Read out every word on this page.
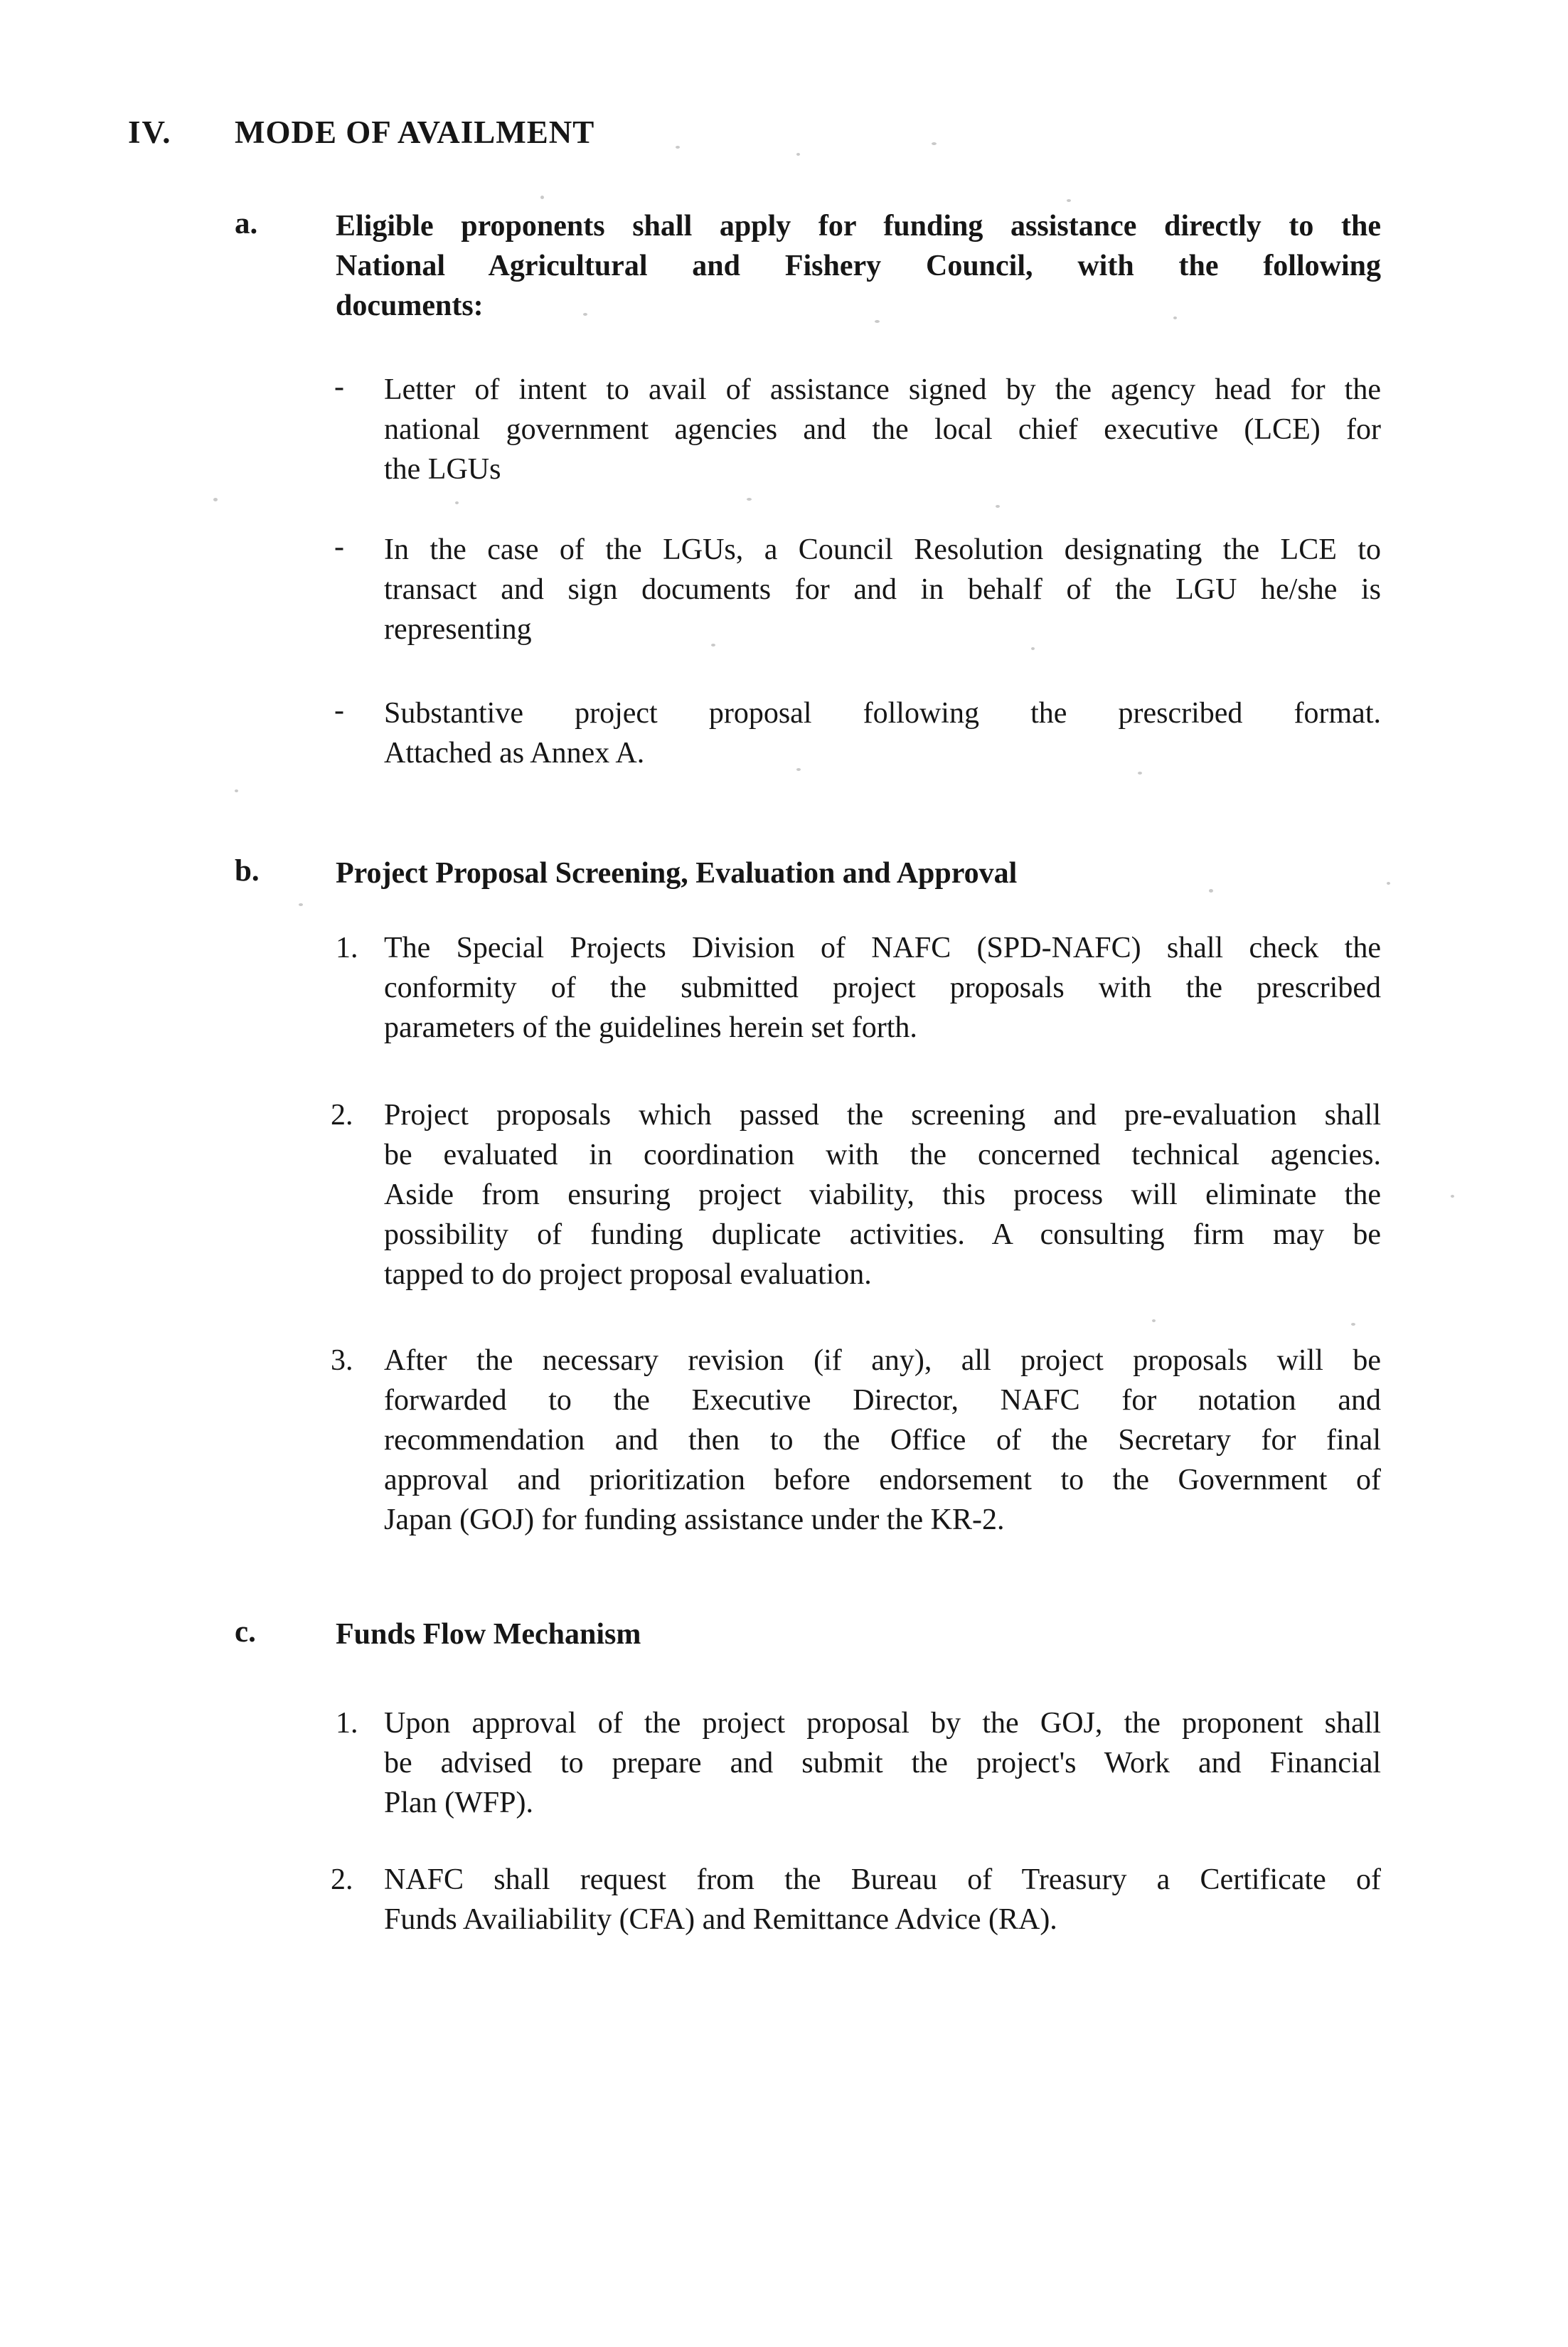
IV. MODE OF AVAILMENT
a.	Eligible proponents shall apply for funding assistance directly to the
National Agricultural and Fishery Council, with the following
documents:
- Letter of intent to avail of assistance signed by the agency head for the
national government agencies and the local chief executive (LCE) for
the LGUs
- In the case of the LGUs, a Council Resolution designating the LCE to
transact and sign documents for and in behalf of the LGU he/she is
representing
- Substantive project proposal following the prescribed format.
Attached as Annex A.
b.	Project Proposal Screening, Evaluation and Approval
1. The Special Projects Division of NAFC (SPD-NAFC) shall check the
conformity of the submitted project proposals with the prescribed
parameters of the guidelines herein set forth.
2. Project proposals which passed the screening and pre-evaluation shall
be evaluated in coordination with the concerned technical agencies.
Aside from ensuring project viability, this process will eliminate the
possibility of funding duplicate activities. A consulting firm may be
tapped to do project proposal evaluation.
3. After the necessary revision (if any), all project proposals will be
forwarded to the Executive Director, NAFC for notation and
recommendation and then to the Office of the Secretary for final
approval and prioritization before endorsement to the Government of
Japan (GOJ) for funding assistance under the KR-2.
c.	Funds Flow Mechanism
1. Upon approval of the project proposal by the GOJ, the proponent shall
be advised to prepare and submit the project's Work and Financial
Plan (WFP).
2. NAFC shall request from the Bureau of Treasury a Certificate of
Funds Availiability (CFA) and Remittance Advice (RA).
